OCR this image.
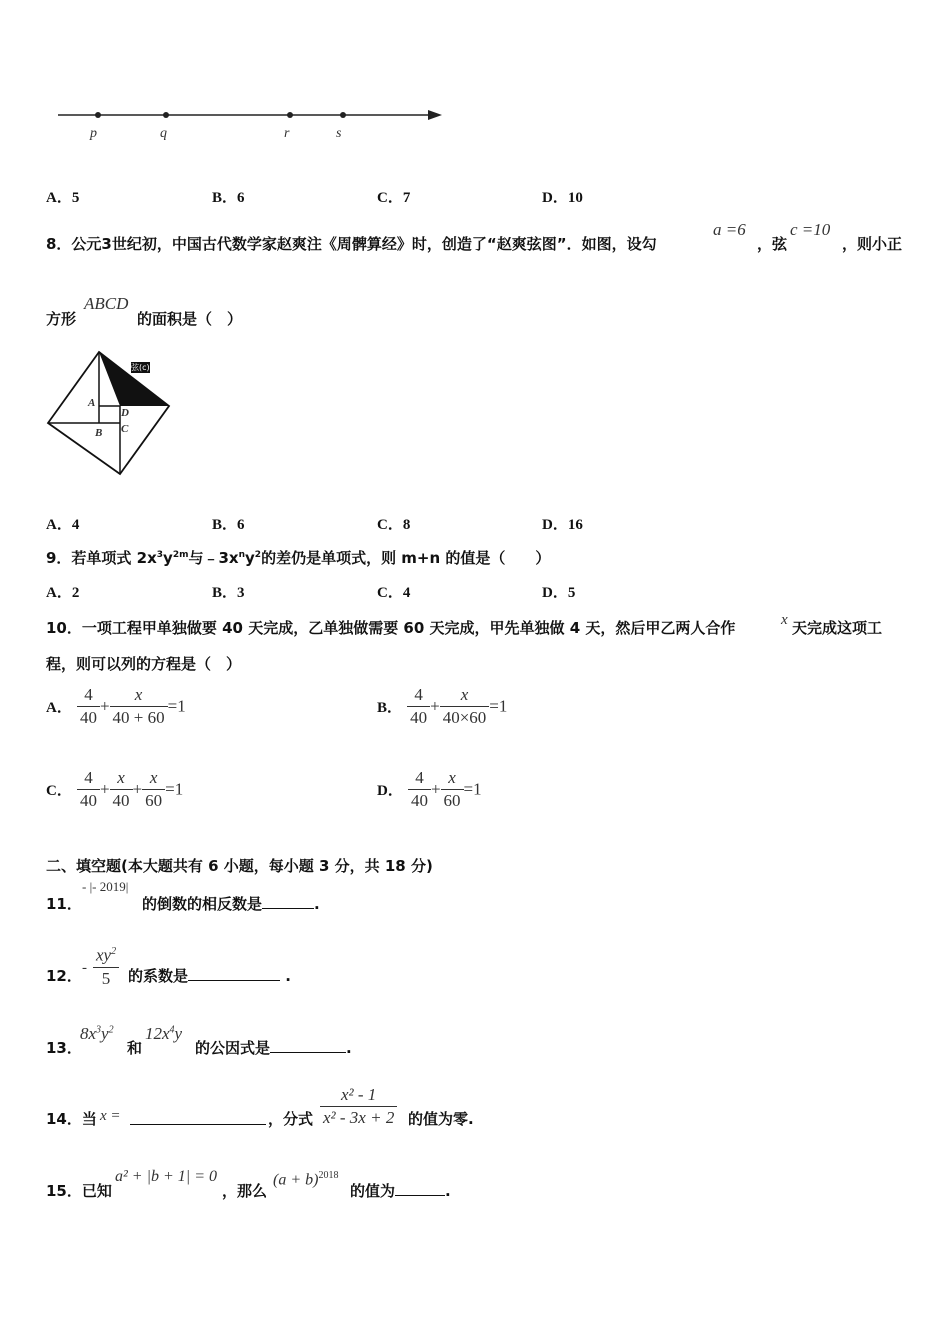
p	q	r	s
A．5	B．6	C．7	D．10
8．公元3世纪初，中国古代数学家赵爽注《周髀算经》时，创造了“赵爽弦图”．如图，设勾
a =6
，弦
c =10
，则小正
方形
ABCD
的面积是（　）
弦(c)
A
D
B C
A．4	B．6	C．8	D．16
9．若单项式 $2x^3y^{2m}$与$﹣3x^ny^2$的差仍是单项式，则 m+n 的值是（　　）
A．2	B．3	C．4	D．5
10．一项工程甲单独做要 40 天完成，乙单独做需要 60 天完成，甲先单独做 4 天，然后甲乙两人合作	x 天完成这项工
程，则可以列的方程是（　）
A． $\frac{4}{40} + \frac{x}{40 + 60} =1$	B． $\frac{4}{40} + \frac{x}{40\times 60} =1$
C． $\frac{4}{40} + \frac{x}{40} + \frac{x}{60} =1$	D． $\frac{4}{40} + \frac{x}{60} =1$
二、填空题(本大题共有 6 小题，每小题 3 分，共 18 分)
11．
- |- 2019|
的倒数的相反数是	.
12． - $\frac{xy^2}{5}$ 的系数是	.
13．
$8x^3y^2$
和
$12x^4y$
的公因式是	.
14．当 x =	，分式 $\frac{\text{x² - 1}}{\text{x² - 3x + 2}}$ 的值为零.
15．已知
a² + |b + 1| = 0
，那么
$(a + b)^{2018}$
的值为	.
